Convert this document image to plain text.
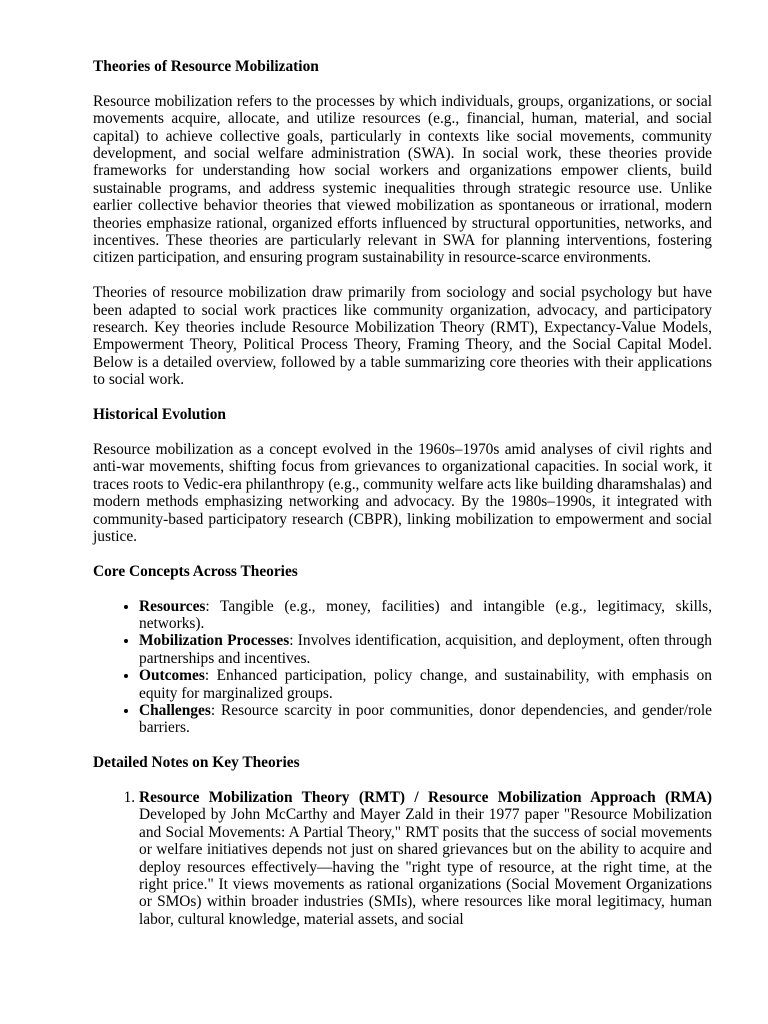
Theories of Resource Mobilization

Resource mobilization refers to the processes by which individuals, groups, organizations, or social movements acquire, allocate, and utilize resources (e.g., financial, human, material, and social capital) to achieve collective goals, particularly in contexts like social movements, community development, and social welfare administration (SWA). In social work, these theories provide frameworks for understanding how social workers and organizations empower clients, build sustainable programs, and address systemic inequalities through strategic resource use. Unlike earlier collective behavior theories that viewed mobilization as spontaneous or irrational, modern theories emphasize rational, organized efforts influenced by structural opportunities, networks, and incentives. These theories are particularly relevant in SWA for planning interventions, fostering citizen participation, and ensuring program sustainability in resource-scarce environments.

Theories of resource mobilization draw primarily from sociology and social psychology but have been adapted to social work practices like community organization, advocacy, and participatory research. Key theories include Resource Mobilization Theory (RMT), Expectancy-Value Models, Empowerment Theory, Political Process Theory, Framing Theory, and the Social Capital Model. Below is a detailed overview, followed by a table summarizing core theories with their applications to social work.

Historical Evolution

Resource mobilization as a concept evolved in the 1960s–1970s amid analyses of civil rights and anti-war movements, shifting focus from grievances to organizational capacities. In social work, it traces roots to Vedic-era philanthropy (e.g., community welfare acts like building dharamshalas) and modern methods emphasizing networking and advocacy. By the 1980s–1990s, it integrated with community-based participatory research (CBPR), linking mobilization to empowerment and social justice.

Core Concepts Across Theories
• Resources: Tangible (e.g., money, facilities) and intangible (e.g., legitimacy, skills, networks).
• Mobilization Processes: Involves identification, acquisition, and deployment, often through partnerships and incentives.
• Outcomes: Enhanced participation, policy change, and sustainability, with emphasis on equity for marginalized groups.
• Challenges: Resource scarcity in poor communities, donor dependencies, and gender/role barriers.
Detailed Notes on Key Theories
1. Resource Mobilization Theory (RMT) / Resource Mobilization Approach (RMA) Developed by John McCarthy and Mayer Zald in their 1977 paper "Resource Mobilization and Social Movements: A Partial Theory," RMT posits that the success of social movements or welfare initiatives depends not just on shared grievances but on the ability to acquire and deploy resources effectively—having the "right type of resource, at the right time, at the right price." It views movements as rational organizations (Social Movement Organizations or SMOs) within broader industries (SMIs), where resources like moral legitimacy, human labor, cultural knowledge, material assets, and social
